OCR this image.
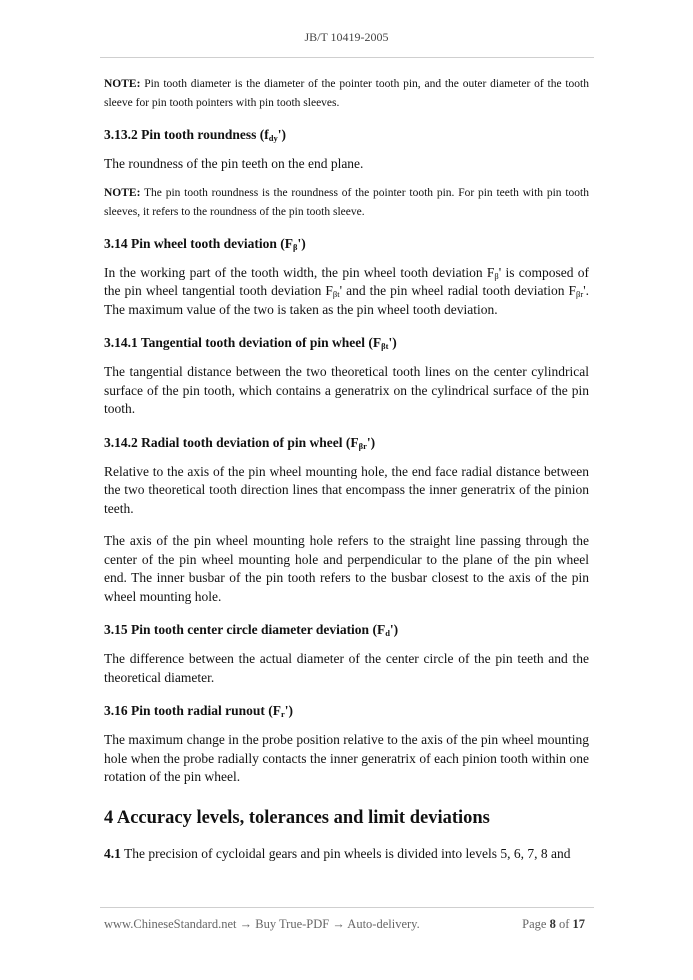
JB/T 10419-2005
NOTE: Pin tooth diameter is the diameter of the pointer tooth pin, and the outer diameter of the tooth sleeve for pin tooth pointers with pin tooth sleeves.
3.13.2 Pin tooth roundness $(f_{dy}')$
The roundness of the pin teeth on the end plane.
NOTE: The pin tooth roundness is the roundness of the pointer tooth pin. For pin teeth with pin tooth sleeves, it refers to the roundness of the pin tooth sleeve.
3.14 Pin wheel tooth deviation $(F_\beta')$
In the working part of the tooth width, the pin wheel tooth deviation $F_\beta'$ is composed of the pin wheel tangential tooth deviation $F_{\beta t}'$ and the pin wheel radial tooth deviation $F_{\beta r}'$. The maximum value of the two is taken as the pin wheel tooth deviation.
3.14.1 Tangential tooth deviation of pin wheel $(F_{\beta t}')$
The tangential distance between the two theoretical tooth lines on the center cylindrical surface of the pin tooth, which contains a generatrix on the cylindrical surface of the pin tooth.
3.14.2 Radial tooth deviation of pin wheel $(F_{\beta r}')$
Relative to the axis of the pin wheel mounting hole, the end face radial distance between the two theoretical tooth direction lines that encompass the inner generatrix of the pinion teeth.
The axis of the pin wheel mounting hole refers to the straight line passing through the center of the pin wheel mounting hole and perpendicular to the plane of the pin wheel end. The inner busbar of the pin tooth refers to the busbar closest to the axis of the pin wheel mounting hole.
3.15 Pin tooth center circle diameter deviation $(F_d')$
The difference between the actual diameter of the center circle of the pin teeth and the theoretical diameter.
3.16 Pin tooth radial runout $(F_r')$
The maximum change in the probe position relative to the axis of the pin wheel mounting hole when the probe radially contacts the inner generatrix of each pinion tooth within one rotation of the pin wheel.
4 Accuracy levels, tolerances and limit deviations
4.1 The precision of cycloidal gears and pin wheels is divided into levels 5, 6, 7, 8 and
www.ChineseStandard.net → Buy True-PDF → Auto-delivery.	Page 8 of 17
